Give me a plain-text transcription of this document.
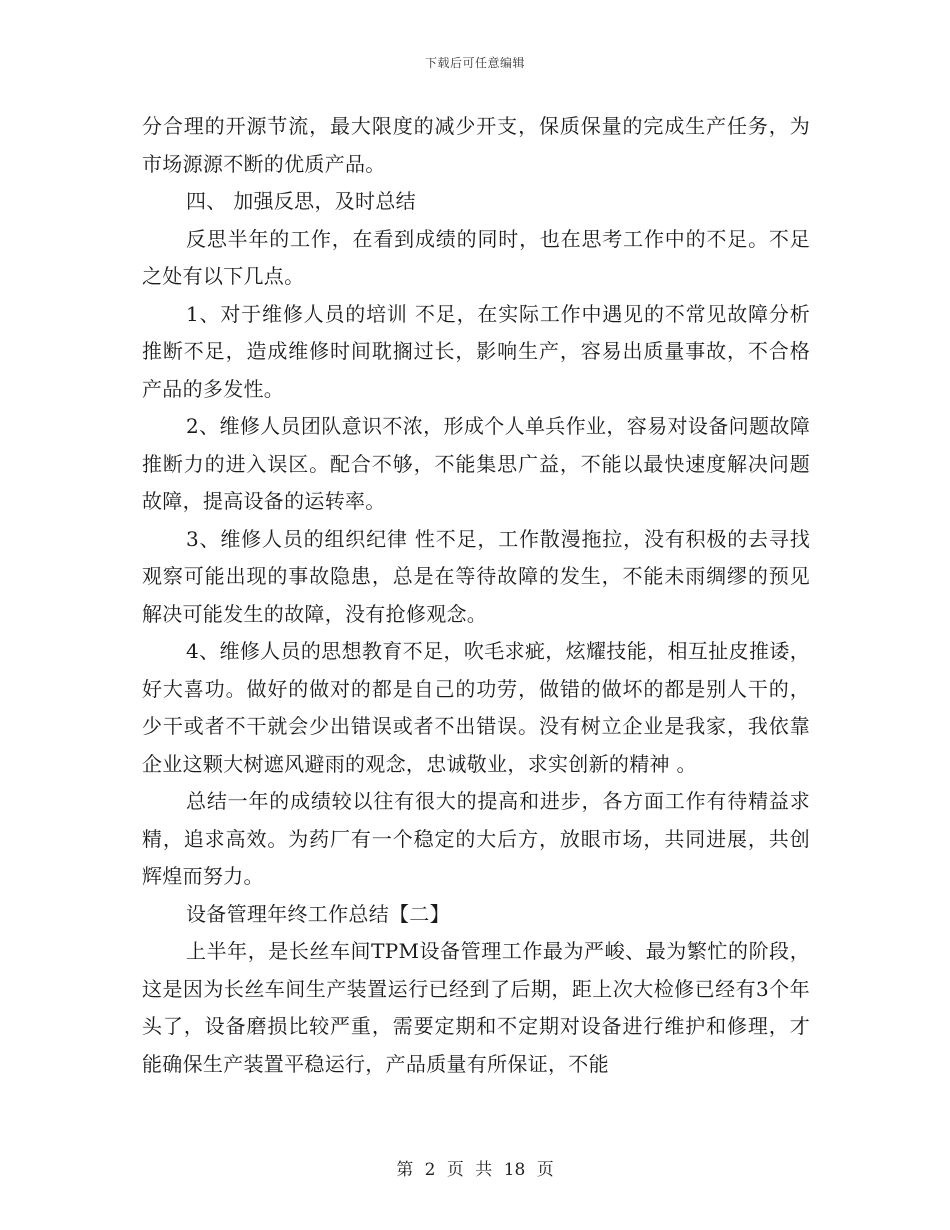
下载后可任意编辑

分合理的开源节流，最大限度的减少开支，保质保量的完成生产任务，为市场源源不断的优质产品。

四、 加强反思，及时总结

反思半年的工作，在看到成绩的同时，也在思考工作中的不足。不足之处有以下几点。

1、对于维修人员的培训 不足，在实际工作中遇见的不常见故障分析推断不足，造成维修时间耽搁过长，影响生产，容易出质量事故，不合格产品的多发性。

2、维修人员团队意识不浓，形成个人单兵作业，容易对设备问题故障推断力的进入误区。配合不够，不能集思广益，不能以最快速度解决问题故障，提高设备的运转率。

3、维修人员的组织纪律 性不足，工作散漫拖拉，没有积极的去寻找观察可能出现的事故隐患，总是在等待故障的发生，不能未雨绸缪的预见解决可能发生的故障，没有抢修观念。

4、维修人员的思想教育不足，吹毛求疵，炫耀技能，相互扯皮推诿，好大喜功。做好的做对的都是自己的功劳，做错的做坏的都是别人干的，少干或者不干就会少出错误或者不出错误。没有树立企业是我家，我依靠企业这颗大树遮风避雨的观念，忠诚敬业，求实创新的精神 。

总结一年的成绩较以往有很大的提高和进步，各方面工作有待精益求精，追求高效。为药厂有一个稳定的大后方，放眼市场，共同进展，共创辉煌而努力。

设备管理年终工作总结【二】

上半年，是长丝车间TPM设备管理工作最为严峻、最为繁忙的阶段，这是因为长丝车间生产装置运行已经到了后期，距上次大检修已经有3个年头了，设备磨损比较严重，需要定期和不定期对设备进行维护和修理，才能确保生产装置平稳运行，产品质量有所保证，不能

第 2 页 共 18 页
